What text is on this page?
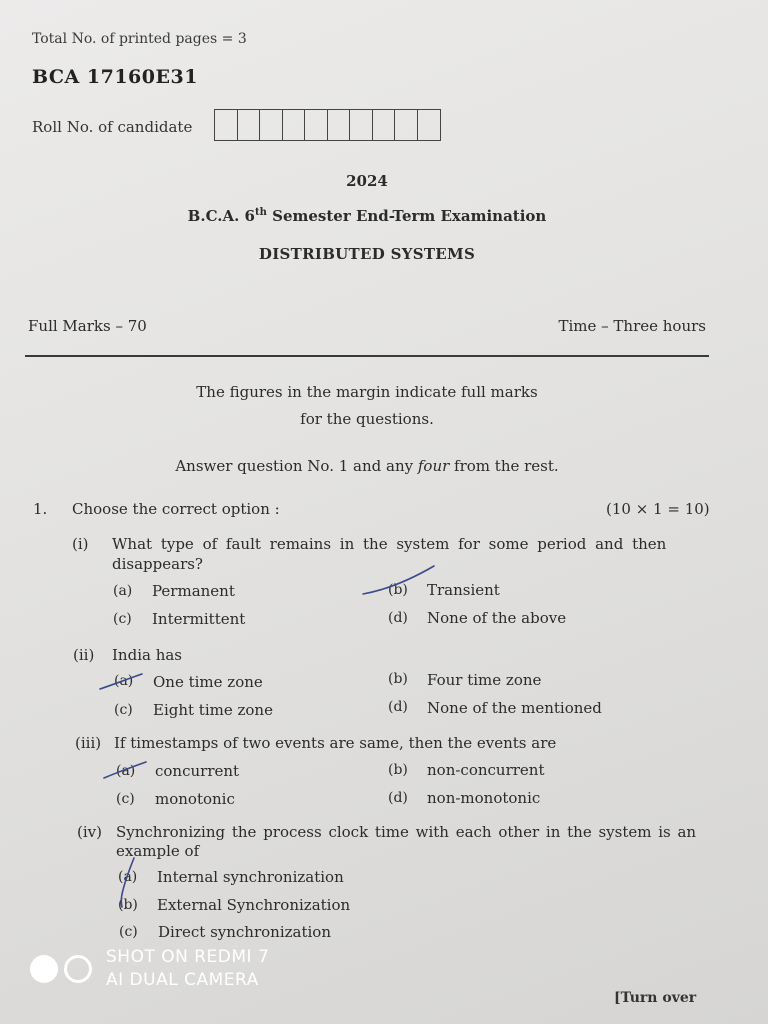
Total No. of printed pages = 3
BCA 17160E31
Roll No. of candidate
2024
B.C.A. 6th Semester End-Term Examination
DISTRIBUTED SYSTEMS
Full Marks – 70	Time – Three hours
The figures in the margin indicate full marks
for the questions.
Answer question No. 1 and any four from the rest.
1. Choose the correct option :	(10 × 1 = 10)
(i) What type of fault remains in the system for some period and then
disappears?
(a) Permanent	(b) Transient
(c) Intermittent	(d) None of the above
(ii) India has
(a) One time zone	(b) Four time zone
(c) Eight time zone	(d) None of the mentioned
(iii) If timestamps of two events are same, then the events are
(a) concurrent	(b) non-concurrent
(c) monotonic	(d) non-monotonic
(iv) Synchronizing the process clock time with each other in the system is an
example of
(a) Internal synchronization
(b) External Synchronization
(c) Direct synchronization
SHOT ON REDMI 7
AI DUAL CAMERA
[Turn over
